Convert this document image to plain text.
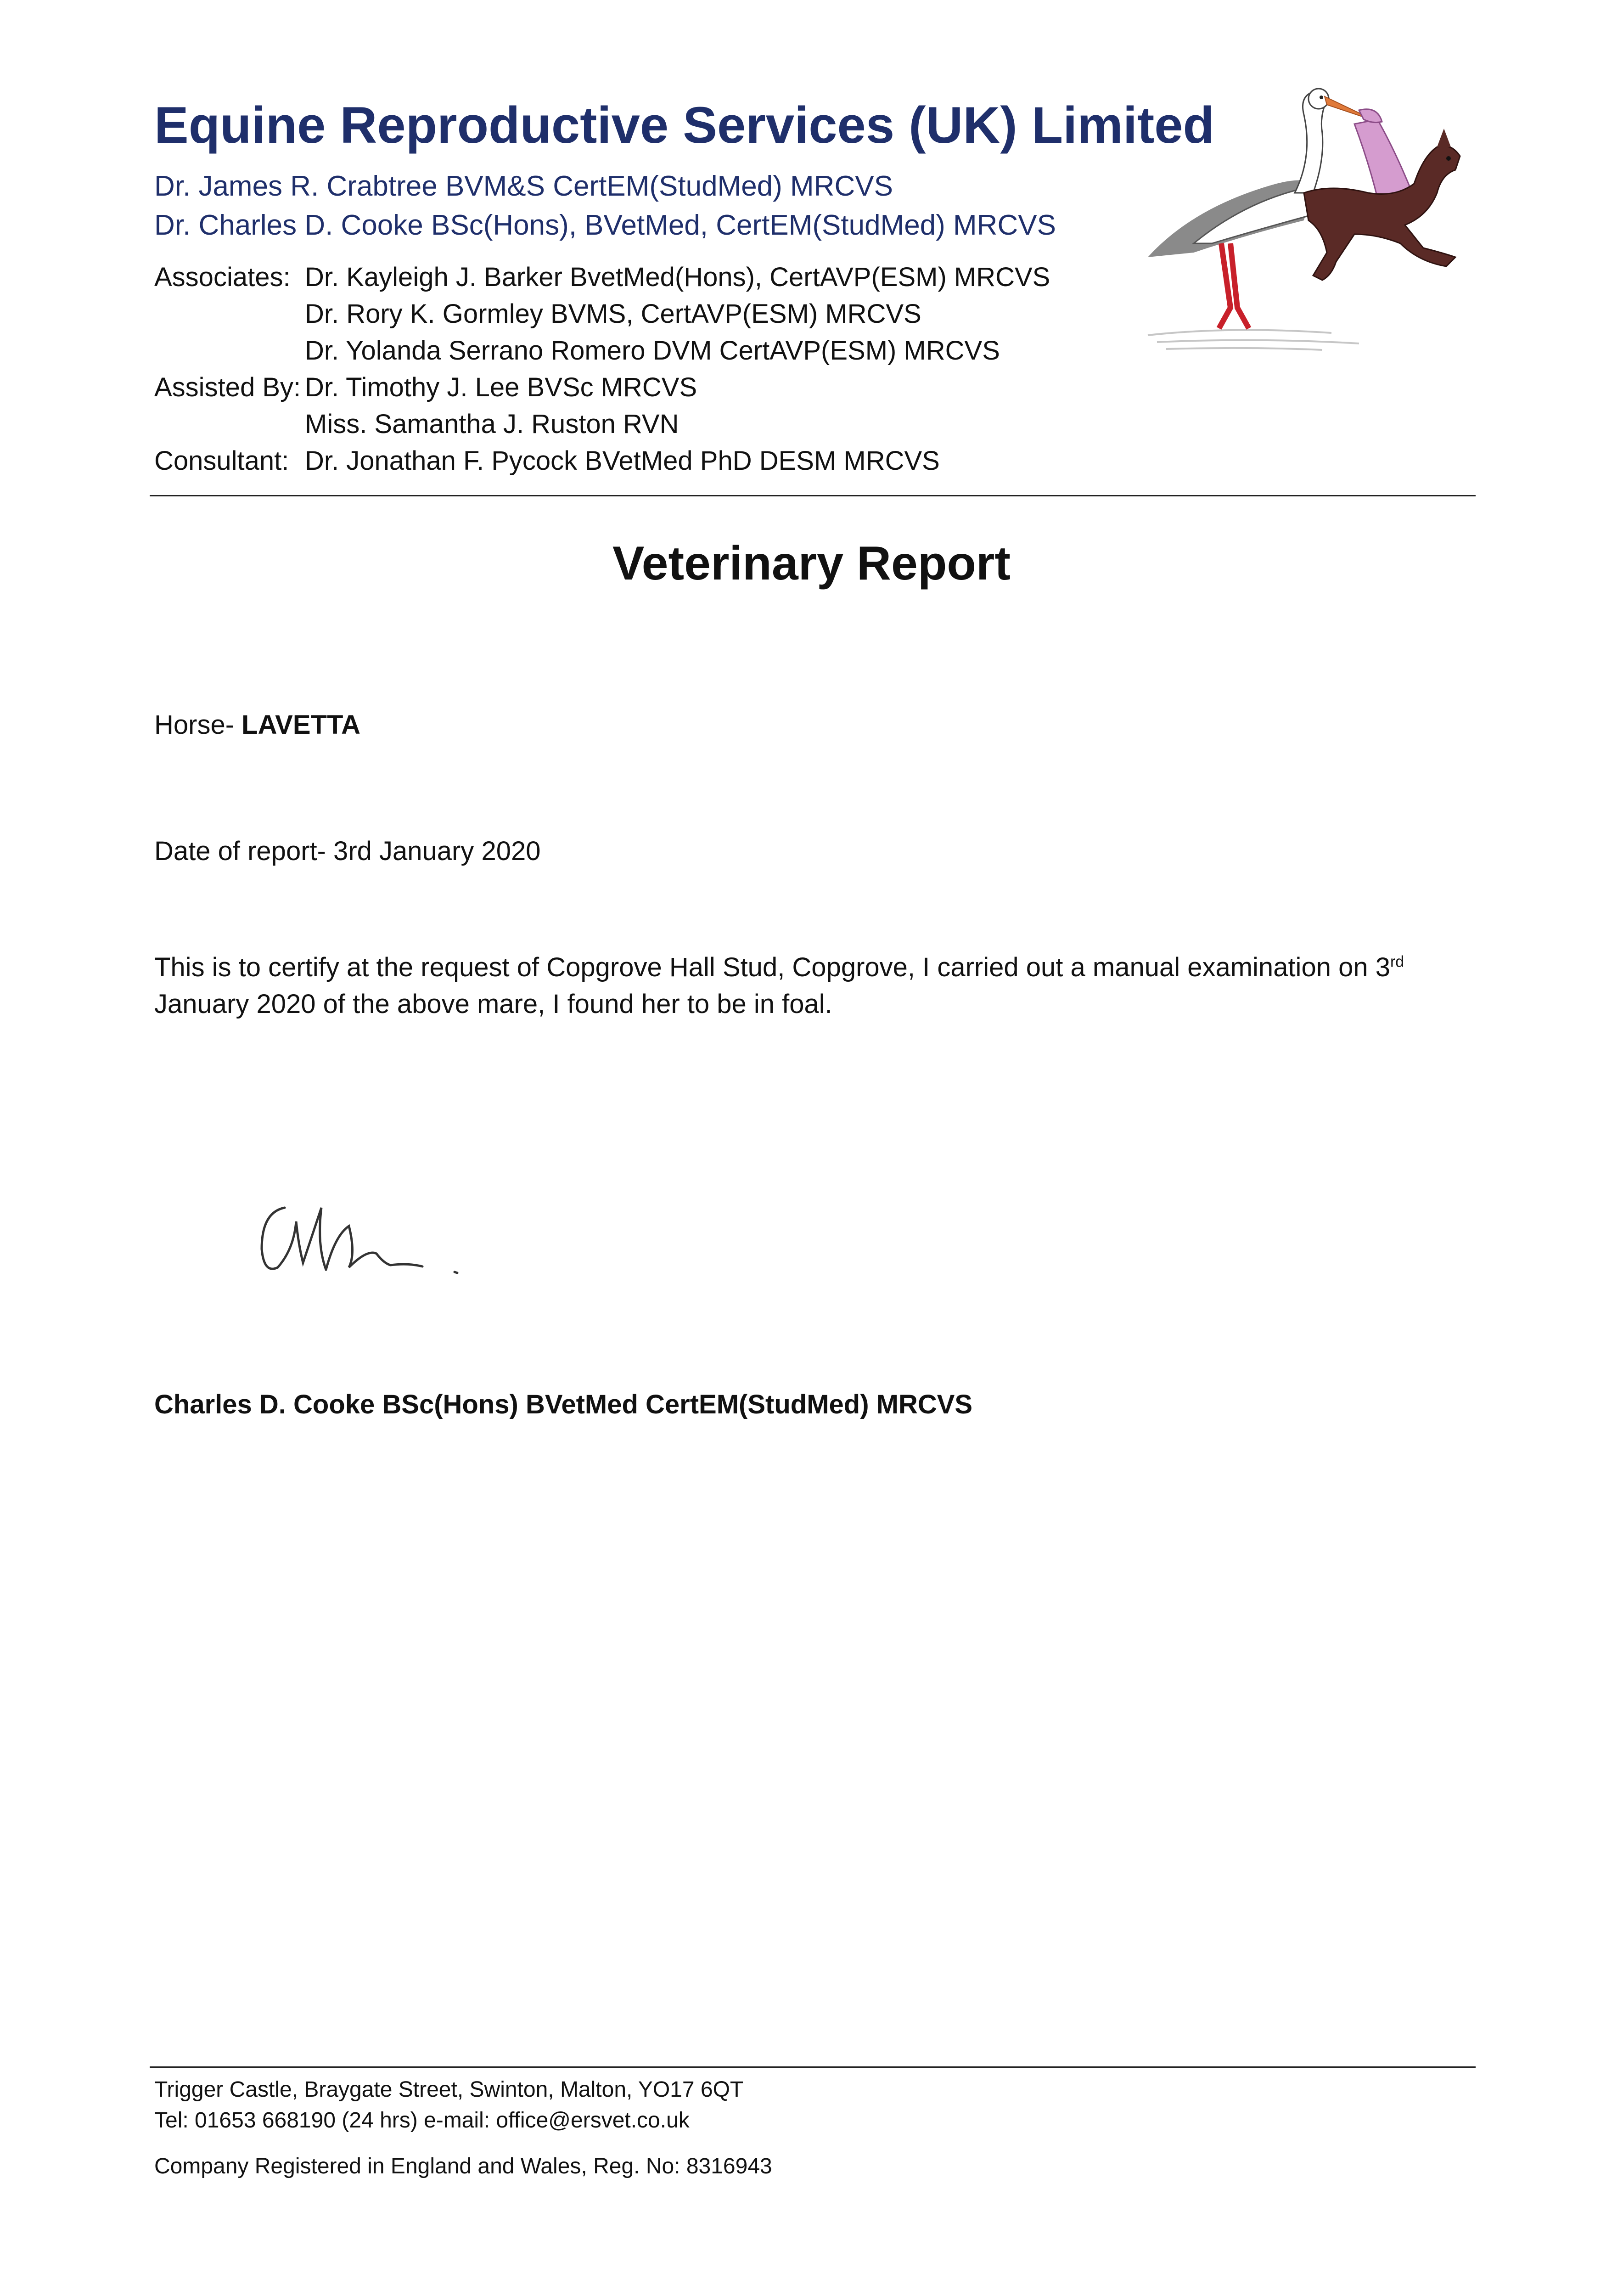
Equine Reproductive Services (UK) Limited
Dr. James R. Crabtree BVM&S CertEM(StudMed) MRCVS
Dr. Charles D. Cooke BSc(Hons), BVetMed, CertEM(StudMed) MRCVS
Associates: Dr. Kayleigh J. Barker BvetMed(Hons), CertAVP(ESM) MRCVS
Dr. Rory K. Gormley BVMS, CertAVP(ESM) MRCVS
Dr. Yolanda Serrano Romero DVM CertAVP(ESM) MRCVS
Assisted By: Dr. Timothy J. Lee BVSc MRCVS
Miss. Samantha J. Ruston RVN
Consultant: Dr. Jonathan F. Pycock BVetMed PhD DESM MRCVS
Veterinary Report
Horse- LAVETTA
Date of report- 3rd January 2020
This is to certify at the request of Copgrove Hall Stud, Copgrove, I carried out a manual examination on 3rd
January 2020 of the above mare, I found her to be in foal.
Charles D. Cooke BSc(Hons) BVetMed CertEM(StudMed) MRCVS
Trigger Castle, Braygate Street, Swinton, Malton, YO17 6QT
Tel: 01653 668190 (24 hrs) e-mail: office@ersvet.co.uk
Company Registered in England and Wales, Reg. No: 8316943
